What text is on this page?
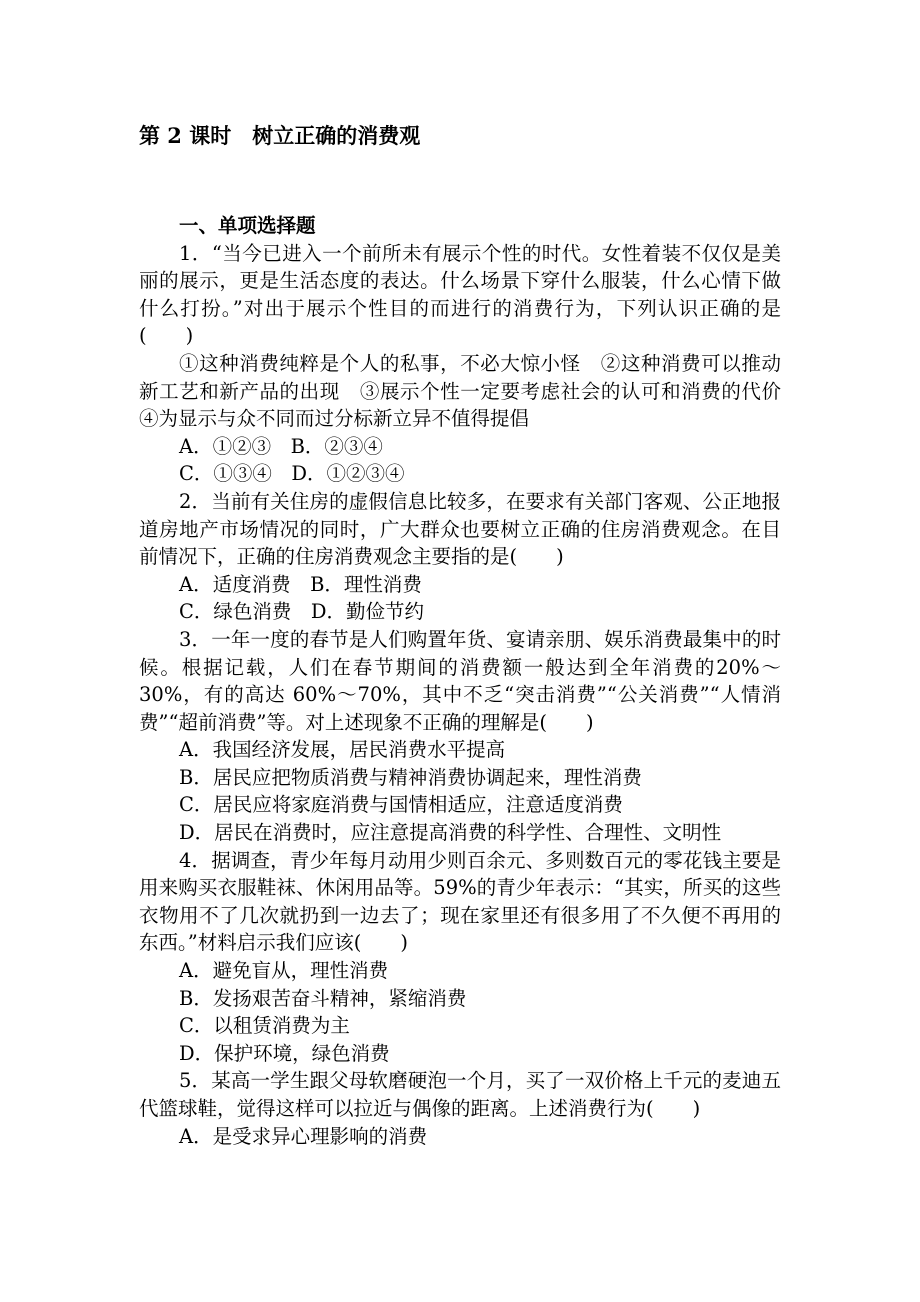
第 2 课时　树立正确的消费观

一、单项选择题

1．“当今已进入一个前所未有展示个性的时代。女性着装不仅仅是美丽的展示，更是生活态度的表达。什么场景下穿什么服装，什么心情下做什么打扮。”对出于展示个性目的而进行的消费行为，下列认识正确的是(　　)

①这种消费纯粹是个人的私事，不必大惊小怪　②这种消费可以推动新工艺和新产品的出现　③展示个性一定要考虑社会的认可和消费的代价　④为显示与众不同而过分标新立异不值得提倡

A．①②③　B．②③④

C．①③④　D．①②③④

2．当前有关住房的虚假信息比较多，在要求有关部门客观、公正地报道房地产市场情况的同时，广大群众也要树立正确的住房消费观念。在目前情况下，正确的住房消费观念主要指的是(　　)

A．适度消费　B．理性消费

C．绿色消费　D．勤俭节约

3．一年一度的春节是人们购置年货、宴请亲朋、娱乐消费最集中的时候。根据记载，人们在春节期间的消费额一般达到全年消费的20%～30%，有的高达 60%～70%，其中不乏“突击消费”“公关消费”“人情消费”“超前消费”等。对上述现象不正确的理解是(　　)

A．我国经济发展，居民消费水平提高

B．居民应把物质消费与精神消费协调起来，理性消费

C．居民应将家庭消费与国情相适应，注意适度消费

D．居民在消费时，应注意提高消费的科学性、合理性、文明性

4．据调查，青少年每月动用少则百余元、多则数百元的零花钱主要是用来购买衣服鞋袜、休闲用品等。59%的青少年表示：“其实，所买的这些衣物用不了几次就扔到一边去了；现在家里还有很多用了不久便不再用的东西。”材料启示我们应该(　　)

A．避免盲从，理性消费

B．发扬艰苦奋斗精神，紧缩消费

C．以租赁消费为主

D．保护环境，绿色消费

5．某高一学生跟父母软磨硬泡一个月，买了一双价格上千元的麦迪五代篮球鞋，觉得这样可以拉近与偶像的距离。上述消费行为(　　)

A．是受求异心理影响的消费
